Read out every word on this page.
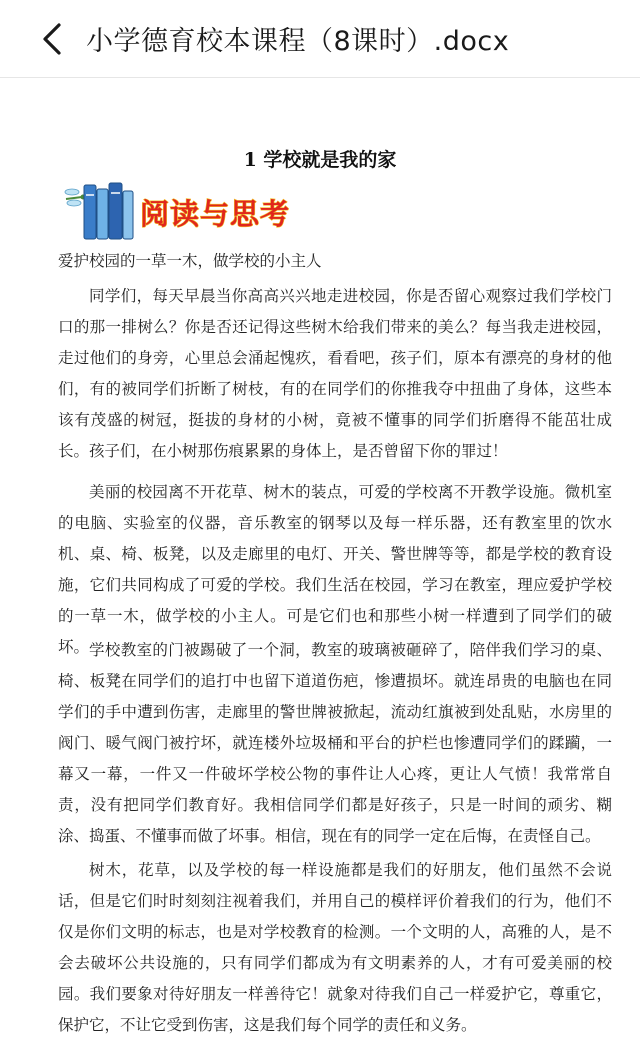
小学德育校本课程（8课时）.docx
1 学校就是我的家
阅读与思考
爱护校园的一草一木，做学校的小主人

同学们，每天早晨当你高高兴兴地走进校园，你是否留心观察过我们学校门口的那一排树么？你是否还记得这些树木给我们带来的美么？每当我走进校园，走过他们的身旁，心里总会涌起愧疚，看看吧，孩子们，原本有漂亮的身材的他们，有的被同学们折断了树枝，有的在同学们的你推我夺中扭曲了身体，这些本该有茂盛的树冠，挺拔的身材的小树，竟被不懂事的同学们折磨得不能茁壮成长。孩子们，在小树那伤痕累累的身体上，是否曾留下你的罪过！

美丽的校园离不开花草、树木的装点，可爱的学校离不开教学设施。微机室的电脑、实验室的仪器，音乐教室的钢琴以及每一样乐器，还有教室里的饮水机、桌、椅、板凳，以及走廊里的电灯、开关、警世牌等等，都是学校的教育设施，它们共同构成了可爱的学校。我们生活在校园，学习在教室，理应爱护学校的一草一木，做学校的小主人。可是它们也和那些小树一样遭到了同学们的破坏。 学校教室的门被踢破了一个洞，教室的玻璃被砸碎了，陪伴我们学习的桌、椅、板凳在同学们的追打中也留下道道伤疤，惨遭损坏。就连昂贵的电脑也在同学们的手中遭到伤害，走廊里的警世牌被掀起，流动红旗被到处乱贴，水房里的阀门、暖气阀门被拧坏，就连楼外垃圾桶和平台的护栏也惨遭同学们的蹂躏，一幕又一幕，一件又一件破坏学校公物的事件让人心疼，更让人气愤！我常常自责，没有把同学们教育好。我相信同学们都是好孩子，只是一时间的顽劣、糊涂、捣蛋、不懂事而做了坏事。相信，现在有的同学一定在后悔，在责怪自己。

树木，花草，以及学校的每一样设施都是我们的好朋友，他们虽然不会说话，但是它们时时刻刻注视着我们，并用自己的模样评价着我们的行为，他们不仅是你们文明的标志，也是对学校教育的检测。一个文明的人，高雅的人，是不会去破坏公共设施的，只有同学们都成为有文明素养的人，才有可爱美丽的校园。我们要象对待好朋友一样善待它！就象对待我们自己一样爱护它，尊重它，保护它，不让它受到伤害，这是我们每个同学的责任和义务。
